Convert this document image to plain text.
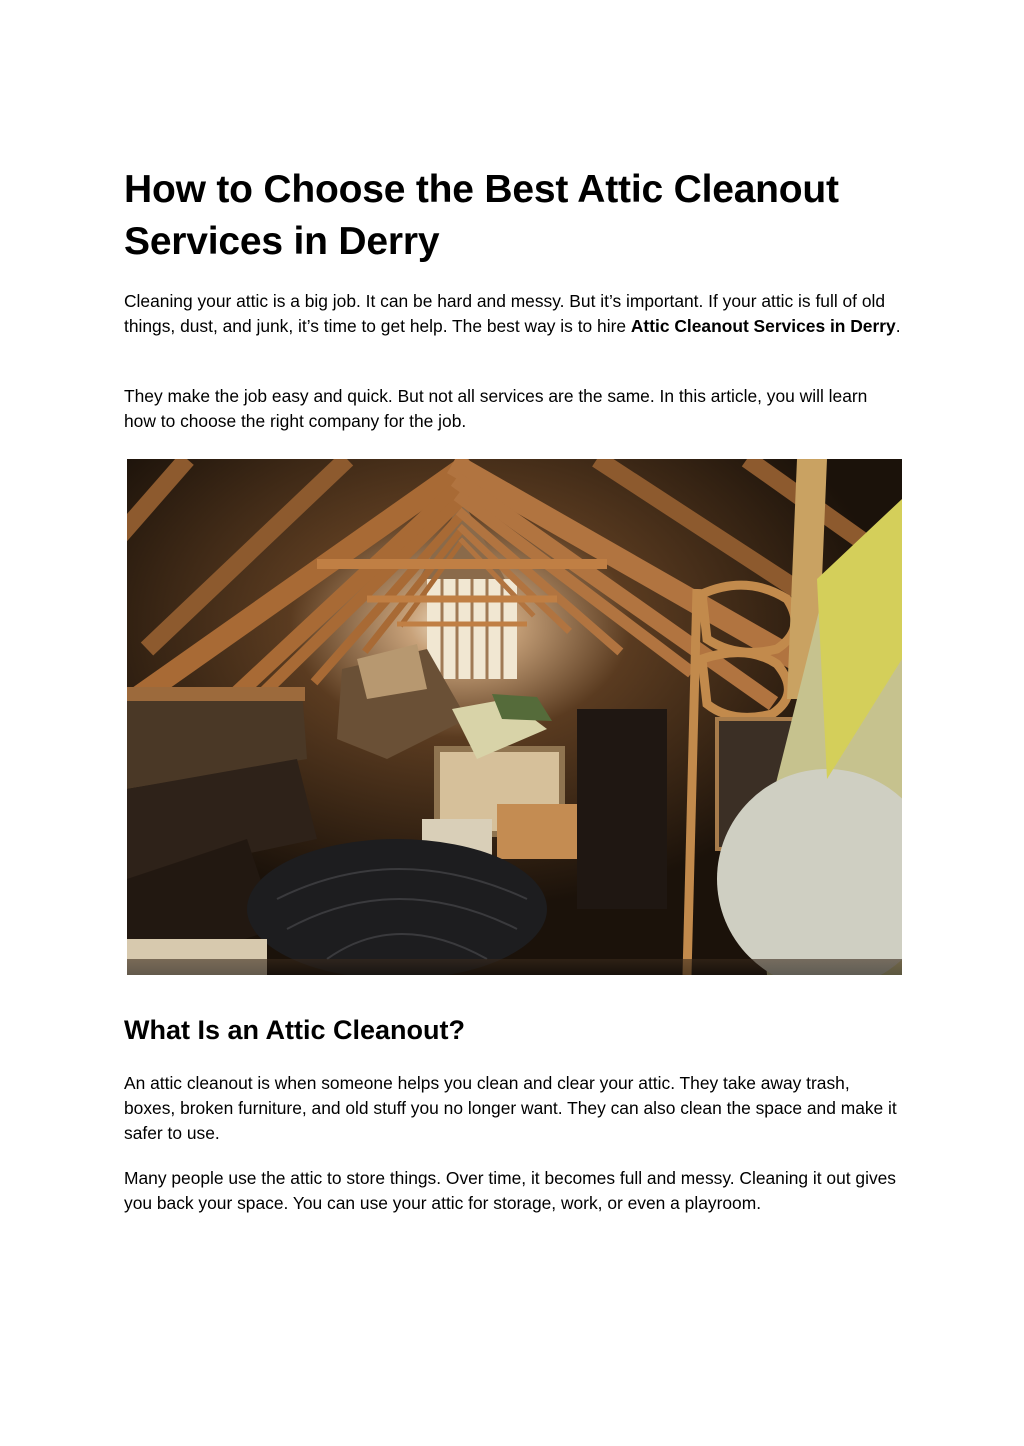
How to Choose the Best Attic Cleanout Services in Derry

Cleaning your attic is a big job. It can be hard and messy. But it’s important. If your attic is full of old things, dust, and junk, it’s time to get help. The best way is to hire Attic Cleanout Services in Derry.

They make the job easy and quick. But not all services are the same. In this article, you will learn how to choose the right company for the job.

What Is an Attic Cleanout?

An attic cleanout is when someone helps you clean and clear your attic. They take away trash, boxes, broken furniture, and old stuff you no longer want. They can also clean the space and make it safer to use.

Many people use the attic to store things. Over time, it becomes full and messy. Cleaning it out gives you back your space. You can use your attic for storage, work, or even a playroom.
